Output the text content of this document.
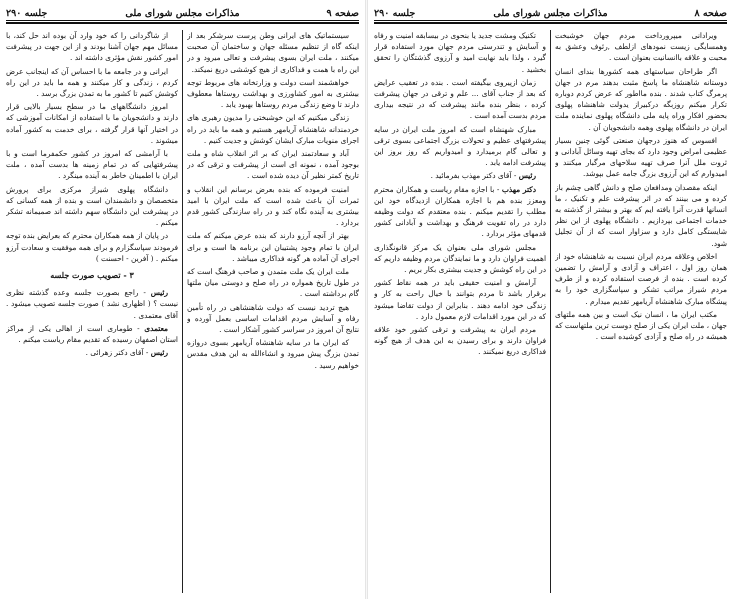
صفحه ۹
مذاکرات مجلس شورای ملی
جلسه ۲۹۰

سیستماتیک های ایرانی وطن پرست سرشکر بعد از اینکه گاه از تنظیم مسئله جهان و ساختمان آن صحبت میکنند ، ملت ایران بسوی پیشرفت و تعالی میرود و در این راه با همت و فداکاری از هیچ کوششی دریغ نمیکند.

خواهشمند است دولت و وزارتخانه های مربوط توجه بیشتری به امور کشاورزی و بهداشت روستاها معطوف دارند تا وضع زندگی مردم روستاها بهبود یابد .

زندگی میکنیم که این خوشبختی را مدیون رهبری های خردمندانه شاهنشاه آریامهر هستیم و همه ما باید در راه اجرای منویات مبارک ایشان کوشش و جدیت کنیم .

آباد و سعادتمند ایران که بر اثر انقلاب شاه و ملت بوجود آمده ، نمونه ای است از پیشرفت و ترقی که در تاریخ کمتر نظیر آن دیده شده است .

امنیت فرموده که بنده بعرض برسانم این انقلاب و ثمرات آن باعث شده است که ملت ایران با امید بیشتری به آینده نگاه کند و در راه سازندگی کشور قدم بردارد .

بهتر از آنچه آرزو دارند که بنده عرض میکنم که ملت ایران با تمام وجود پشتیبان این برنامه ها است و برای اجرای آن آماده هر گونه فداکاری میباشد .

ملت ایران یک ملت متمدن و صاحب فرهنگ است که در طول تاریخ همواره در راه صلح و دوستی میان ملتها گام برداشته است .

هیچ تردید نیست که دولت شاهنشاهی در راه تأمین رفاه و آسایش مردم اقدامات اساسی بعمل آورده و نتایج آن امروز در سراسر کشور آشکار است .

که ایران ما در سایه شاهنشاه آریامهر بسوی دروازه تمدن بزرگ پیش میرود و انشاءالله به این هدف مقدس خواهیم رسید .

از شاگردانی را که خود وارد آن بوده اند حل کند، با مسائل مهم جهان آشنا بودند و از این جهت در پیشرفت امور کشور نقش مؤثری داشته اند .

ایرانی و در جامعه ما با احساس آن که اینجانب عرض کردم ، زندگی و کار میکنند و همه ما باید در این راه کوشش کنیم تا کشور ما به تمدن بزرگ برسد .

امروز دانشگاههای ما در سطح بسیار بالایی قرار دارند و دانشجویان ما با استفاده از امکانات آموزشی که در اختیار آنها قرار گرفته ، برای خدمت به کشور آماده میشوند .

با آرامشی که امروز در کشور حکمفرما است و با پیشرفتهایی که در تمام زمینه ها بدست آمده ، ملت ایران با اطمینان خاطر به آینده مینگرد .

دانشگاه پهلوی شیراز مرکزی برای پرورش متخصصان و دانشمندان است و بنده از همه کسانی که در پیشرفت این دانشگاه سهم داشته اند صمیمانه تشکر میکنم .

در پایان از همه همکاران محترم که بعرایض بنده توجه فرمودند سپاسگزارم و برای همه موفقیت و سعادت آرزو میکنم . ( آفرین - احسنت )

۳ - تصویب صورت جلسه

رئیس - راجع بصورت جلسه وعده گذشته نظری نیست ؟ ( اظهاری نشد ) صورت جلسه تصویب میشود . آقای معتمدی .

معتمدی - طوماری است از اهالی یکی از مراکز استان اصفهان رسیده که تقدیم مقام ریاست میکنم .

رئیس - آقای دکتر زهرائی .

صفحه ۸
مذاکرات مجلس شورای ملی
جلسه ۲۹۰

ویرادانی میپرورداخت مردم جهان خوشبخت وهمسایگی زیست نمودهای ازلطف ,رئوف وعشق به محبت و علاقه باانسانیت بعنوان است .

اگر طراحان سیاستهای همه کشورها بندای انسان دوستانه شاهنشاه ما پاسخ مثبت بدهند مرم در جهان پرمرگ کتاب شدند . بنده مااطور که عرض کردم دوباره تکرار میکنم روزبگه درکبیراز یدولت شاهنشاه پهلوی بحضور افکار وراه پایه ملی دانشگاه پهلوی نماینده ملت ایران در دانشگاه پهلوی وهمه دانشجویان آن .

افسوس که هنوز درجهان صنعتی گوئی چنین بسیار عظیمی امراض وجود دارد که بجای تهیه وسائل آبادانی و ثروت ملل آنرا صرف تهیه سلاحهای مرگبار میکنند و امیدوارم که این آرزوی بزرگ جامه عمل بپوشد.

اینکه مقصدان ومدافعان صلح و دانش گاهی چشم باز کرده و می بینند که در اثر پیشرفت علم و تکنیک ، ما انسانها قدرت آنرا یافته ایم که بهتر و بیشتر از گذشته به خدمات اجتماعی بپردازیم . دانشگاه پهلوی از این نظر شایستگی کامل دارد و سزاوار است که از آن تجلیل شود.

اخلاص وعلاقه مردم ایران نسبت به شاهنشاه خود از همان روز اول ، اعتراف و آزادی و آرامش را تضمین کرده است . بنده از فرصت استفاده کرده و از طرف مردم شیراز مراتب تشکر و سپاسگزاری خود را به پیشگاه مبارک شاهنشاه آریامهر تقدیم میدارم .

مکتب ایران ما ، انسان نیک است و بین همه ملتهای جهان ، ملت ایران یکی از صلح دوست ترین ملتهاست که همیشه در راه صلح و آزادی کوشیده است .

تکنیک ومشت جدید یا بنحوی در بیسابقه امنیت و رفاه و آسایش و تندرستی مردم جهان مورد استفاده قرار گیرد ، ولذا باید نهایت امید و آرزوی گذشتگان را تحقق بخشید .

زمان ازپیروی بیگیفته است . بنده در تعقیب عرایض که بعد از جناب آقای ... علم و ترقی در جهان پیشرفت کرده ، بنظر بنده مانند پیشرفت که در نتیجه بیداری مردم بدست آمده است .

مبارک شهنشاه است که امروز ملت ایران در سایه پیشرفتهای عظیم و تحولات بزرگ اجتماعی بسوی ترقی و تعالی گام برمیدارد و امیدواریم که روز بروز این پیشرفت ادامه یابد .

رئیس - آقای دکتر مهذب بفرمائید .

دکتر مهذب - با اجازه مقام ریاست و همکاران محترم ومعزز بنده هم با اجازه همکاران ازدیدگاه خود این مطلب را تقدیم میکنم . بنده معتقدم که دولت وظیفه دارد در راه تقویت فرهنگ و بهداشت و آبادانی کشور قدمهای مؤثر بردارد .

مجلس شورای ملی بعنوان یک مرکز قانونگذاری اهمیت فراوان دارد و ما نمایندگان مردم وظیفه داریم که در این راه کوشش و جدیت بیشتری بکار بریم .

آرامش و امنیت حقیقی باید در همه نقاط کشور برقرار باشد تا مردم بتوانند با خیال راحت به کار و زندگی خود ادامه دهند . بنابراین از دولت تقاضا میشود که در این مورد اقدامات لازم معمول دارد .

مردم ایران به پیشرفت و ترقی کشور خود علاقه فراوان دارند و برای رسیدن به این هدف از هیچ گونه فداکاری دریغ نمیکنند .
